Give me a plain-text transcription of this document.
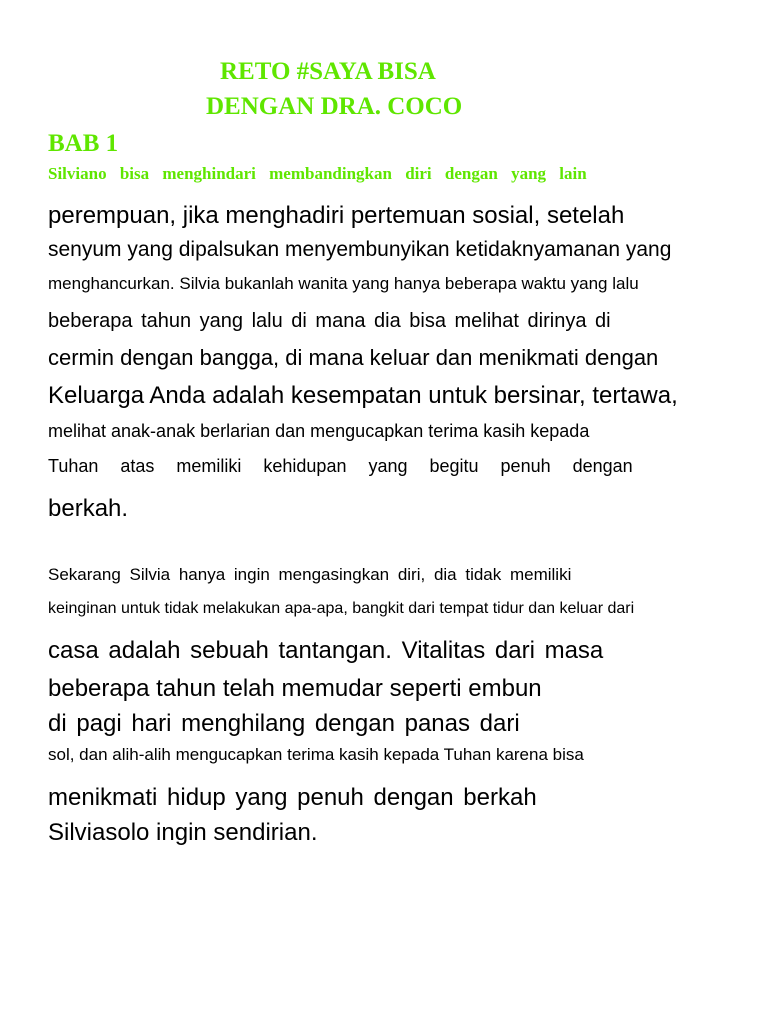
RETO #SAYA BISA
DENGAN DRA. COCO
BAB 1
Silviano bisa menghindari membandingkan diri dengan yang lain
perempuan, jika menghadiri pertemuan sosial, setelah
senyum yang dipalsukan menyembunyikan ketidaknyamanan yang
menghancurkan. Silvia bukanlah wanita yang hanya beberapa waktu yang lalu
beberapa tahun yang lalu di mana dia bisa melihat dirinya di
cermin dengan bangga, di mana keluar dan menikmati dengan
Keluarga Anda adalah kesempatan untuk bersinar, tertawa,
melihat anak-anak berlarian dan mengucapkan terima kasih kepada
Tuhan atas memiliki kehidupan yang begitu penuh dengan
berkah.
Sekarang Silvia hanya ingin mengasingkan diri, dia tidak memiliki
keinginan untuk tidak melakukan apa-apa, bangkit dari tempat tidur dan keluar dari
casa adalah sebuah tantangan. Vitalitas dari masa
beberapa tahun telah memudar seperti embun
di pagi hari menghilang dengan panas dari
sol, dan alih-alih mengucapkan terima kasih kepada Tuhan karena bisa
menikmati hidup yang penuh dengan berkah
Silviasolo ingin sendirian.
